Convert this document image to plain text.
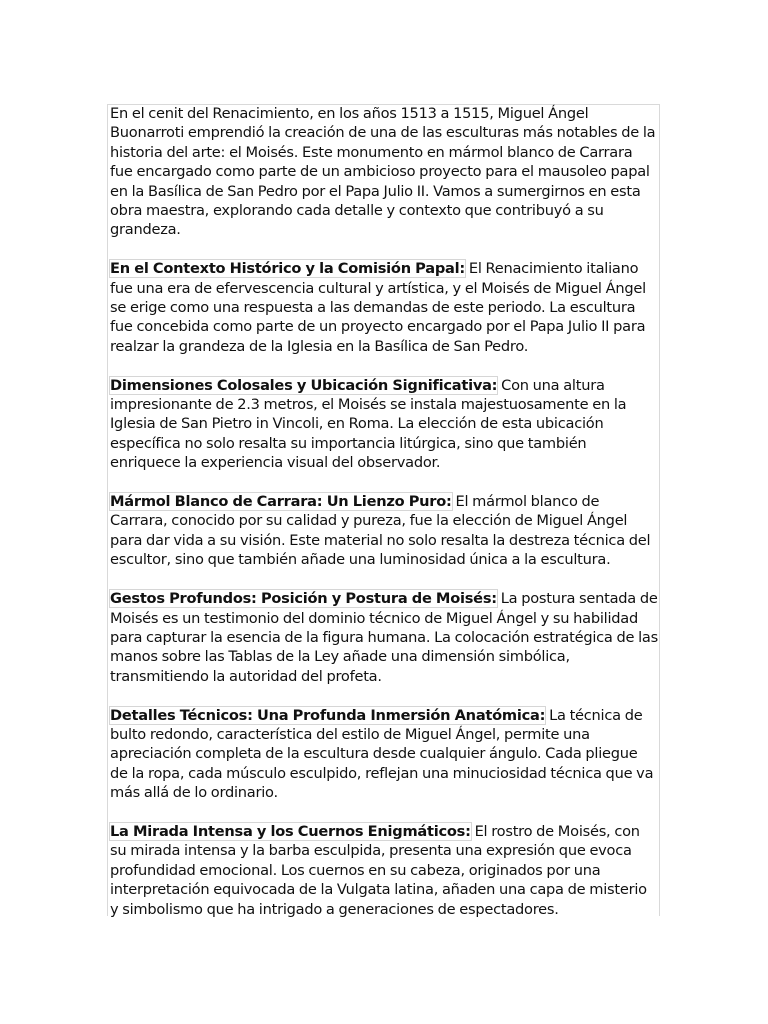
En el cenit del Renacimiento, en los años 1513 a 1515, Miguel Ángel Buonarroti emprendió la creación de una de las esculturas más notables de la historia del arte: el Moisés. Este monumento en mármol blanco de Carrara fue encargado como parte de un ambicioso proyecto para el mausoleo papal en la Basílica de San Pedro por el Papa Julio II. Vamos a sumergirnos en esta obra maestra, explorando cada detalle y contexto que contribuyó a su grandeza.

En el Contexto Histórico y la Comisión Papal: El Renacimiento italiano fue una era de efervescencia cultural y artística, y el Moisés de Miguel Ángel se erige como una respuesta a las demandas de este periodo. La escultura fue concebida como parte de un proyecto encargado por el Papa Julio II para realzar la grandeza de la Iglesia en la Basílica de San Pedro.

Dimensiones Colosales y Ubicación Significativa: Con una altura impresionante de 2.3 metros, el Moisés se instala majestuosamente en la Iglesia de San Pietro in Vincoli, en Roma. La elección de esta ubicación específica no solo resalta su importancia litúrgica, sino que también enriquece la experiencia visual del observador.

Mármol Blanco de Carrara: Un Lienzo Puro: El mármol blanco de Carrara, conocido por su calidad y pureza, fue la elección de Miguel Ángel para dar vida a su visión. Este material no solo resalta la destreza técnica del escultor, sino que también añade una luminosidad única a la escultura.

Gestos Profundos: Posición y Postura de Moisés: La postura sentada de Moisés es un testimonio del dominio técnico de Miguel Ángel y su habilidad para capturar la esencia de la figura humana. La colocación estratégica de las manos sobre las Tablas de la Ley añade una dimensión simbólica, transmitiendo la autoridad del profeta.

Detalles Técnicos: Una Profunda Inmersión Anatómica: La técnica de bulto redondo, característica del estilo de Miguel Ángel, permite una apreciación completa de la escultura desde cualquier ángulo. Cada pliegue de la ropa, cada músculo esculpido, reflejan una minuciosidad técnica que va más allá de lo ordinario.

La Mirada Intensa y los Cuernos Enigmáticos: El rostro de Moisés, con su mirada intensa y la barba esculpida, presenta una expresión que evoca profundidad emocional. Los cuernos en su cabeza, originados por una interpretación equivocada de la Vulgata latina, añaden una capa de misterio y simbolismo que ha intrigado a generaciones de espectadores.
